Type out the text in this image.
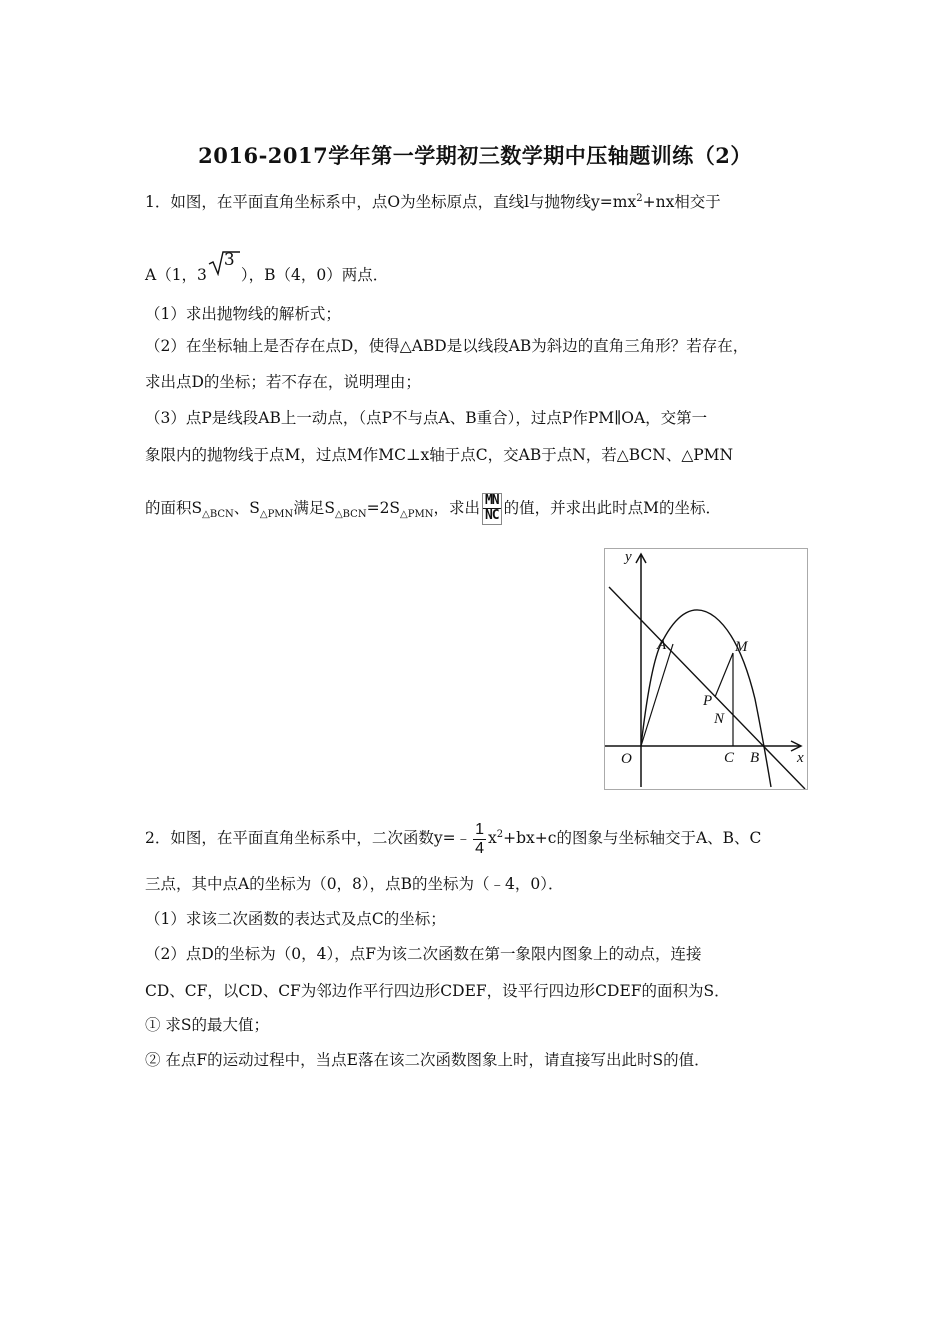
2016-2017学年第一学期初三数学期中压轴题训练（2）
1．如图，在平面直角坐标系中，点O为坐标原点，直线l与抛物线$y=mx^2+nx$相交于
A（1，3
3
），B（4，0）两点．
（1）求出抛物线的解析式；
（2）在坐标轴上是否存在点D，使得△ABD是以线段AB为斜边的直角三角形？若存在，
求出点D的坐标；若不存在，说明理由；
（3）点P是线段AB上一动点，（点P不与点A、B重合），过点P作PM∥OA，交第一
象限内的抛物线于点M，过点M作MC⊥x轴于点C，交AB于点N，若△BCN、△PMN
的面积$S_{\triangle BCN}$、$S_{\triangle PMN}$满足$S_{\triangle BCN}=2S_{\triangle PMN}$，求出 $\frac{MN}{NC}$ 的值，并求出此时点M的坐标．
y
x
O
A	M
P
N
C B
2．如图，在平面直角坐标系中，二次函数y=﹣ $\frac{1}{4} x^2+bx+c$的图象与坐标轴交于A、B、C
三点，其中点A的坐标为（0，8），点B的坐标为（﹣4，0）．
（1）求该二次函数的表达式及点C的坐标；
（2）点D的坐标为（0，4），点F为该二次函数在第一象限内图象上的动点，连接
CD、CF，以CD、CF为邻边作平行四边形CDEF，设平行四边形CDEF的面积为S．
① 求S的最大值；
② 在点F的运动过程中，当点E落在该二次函数图象上时，请直接写出此时S的值．
